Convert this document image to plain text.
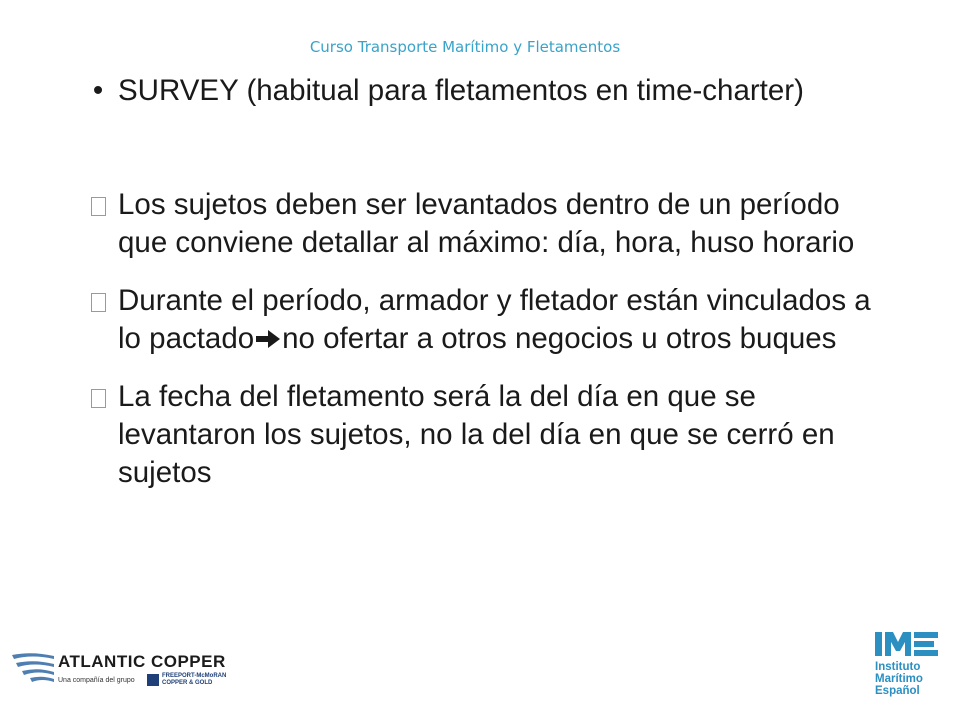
Curso Transporte Marítimo y Fletamentos
• SURVEY (habitual para fletamentos en time-charter)
Los sujetos deben ser levantados dentro de un período que conviene detallar al máximo: día, hora, huso horario
Durante el período, armador y fletador están vinculados a lo pactado no ofertar a otros negocios u otros buques
La fecha del fletamento será la del día en que se levantaron los sujetos, no la del día en que se cerró en sujetos
ATLANTIC COPPER
Una compañía del grupo
FREEPORT-McMoRAN
COPPER & GOLD
Instituto
Marítimo
Español
